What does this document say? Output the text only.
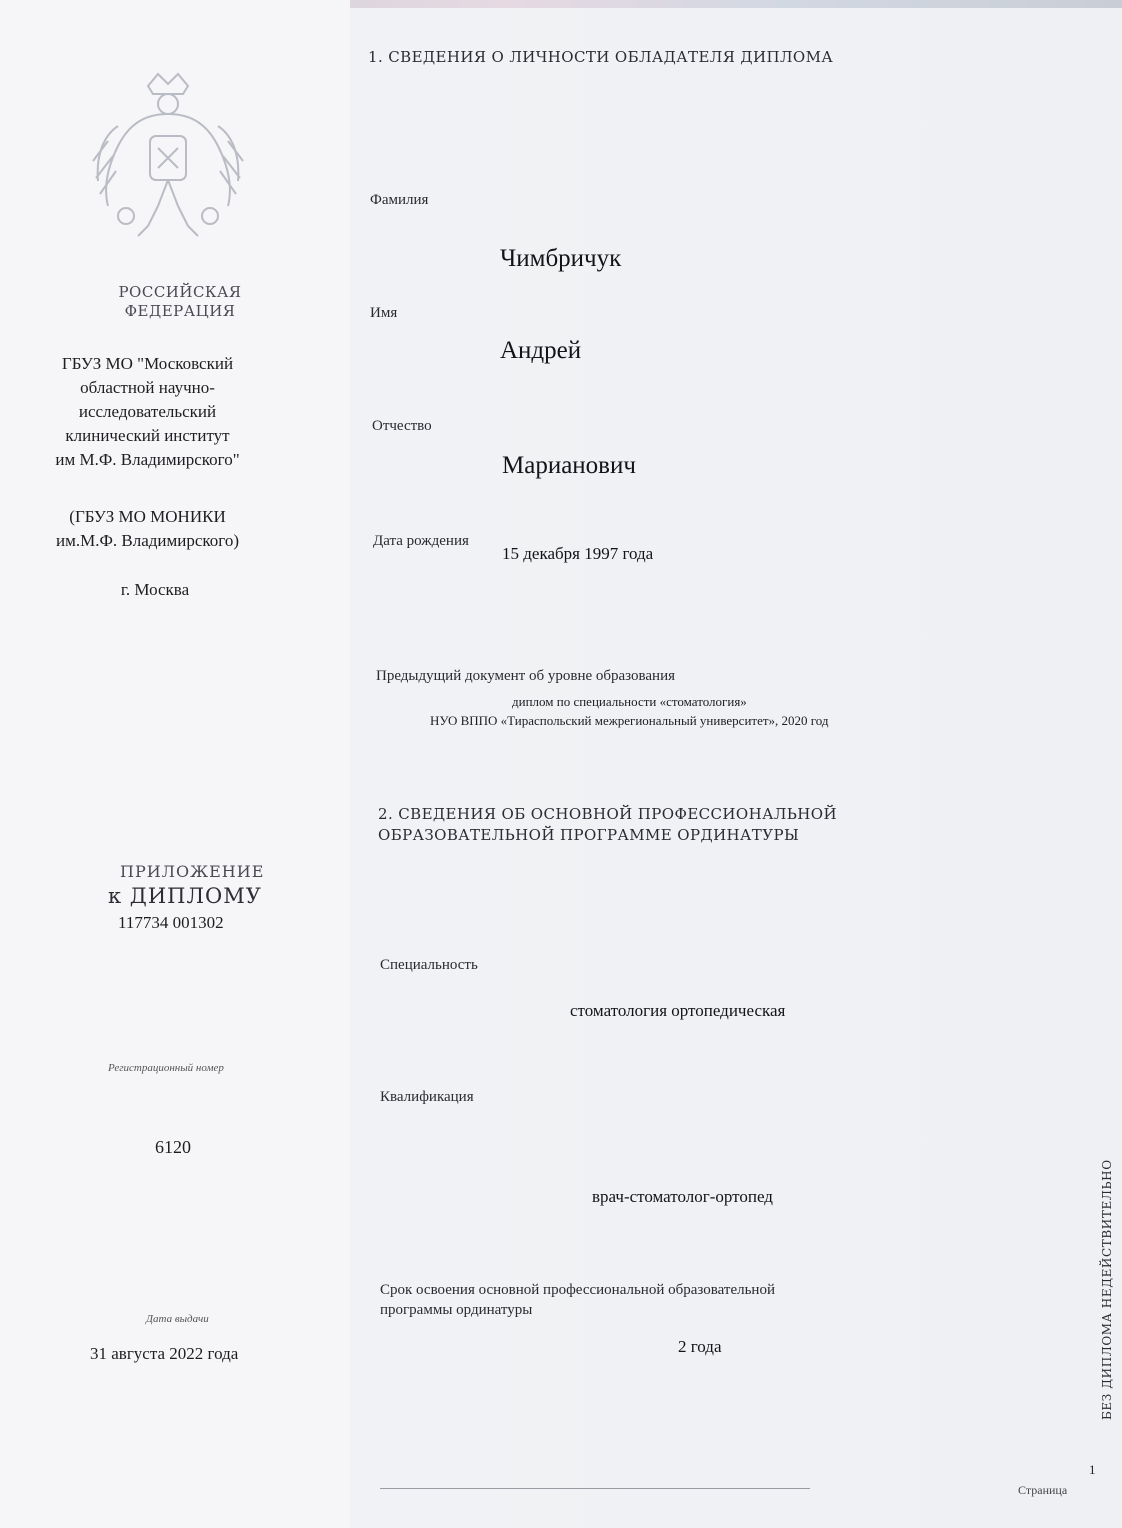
РОССИЙСКАЯ
ФЕДЕРАЦИЯ
ГБУЗ МО "Московский
областной научно-
исследовательский
клинический институт
им М.Ф. Владимирского"
(ГБУЗ МО МОНИКИ
им.М.Ф. Владимирского)
г. Москва
ПРИЛОЖЕНИЕ
к ДИПЛОМУ
117734 001302
Регистрационный номер
6120
Дата выдачи
31 августа 2022 года
1. СВЕДЕНИЯ О ЛИЧНОСТИ ОБЛАДАТЕЛЯ ДИПЛОМА
Фамилия
Чимбричук
Имя
Андрей
Отчество
Марианович
Дата рождения
15 декабря 1997 года
Предыдущий документ об уровне образования
диплом по специальности «стоматология»
НУО ВППО «Тираспольский межрегиональный университет», 2020 год
2. СВЕДЕНИЯ ОБ ОСНОВНОЙ ПРОФЕССИОНАЛЬНОЙ
ОБРАЗОВАТЕЛЬНОЙ ПРОГРАММЕ ОРДИНАТУРЫ
Специальность
стоматология ортопедическая
Квалификация
врач-стоматолог-ортопед
Срок освоения основной профессиональной образовательной
программы ординатуры
2 года	БЕЗ ДИПЛОМА НЕДЕЙСТВИТЕЛЬНО
1
Страница
